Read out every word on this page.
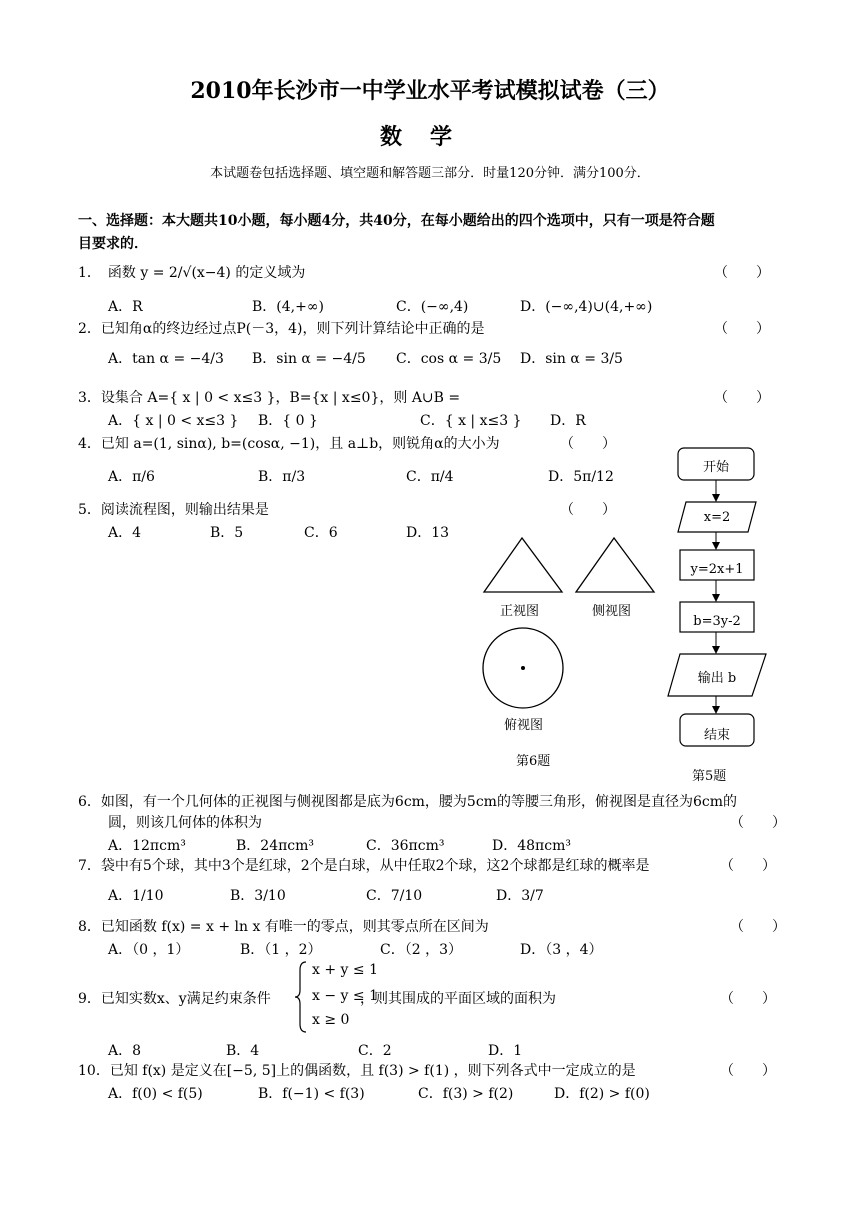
2010年长沙市一中学业水平考试模拟试卷（三）
数学
本试题卷包括选择题、填空题和解答题三部分．时量120分钟．满分100分．
一、选择题：本大题共10小题，每小题4分，共40分，在每小题给出的四个选项中，只有一项是符合题
目要求的．
1．　函数 y = 2/√(x−4) 的定义域为	（　　）
A．R	B．(4,+∞)	C．(−∞,4)	D．(−∞,4)∪(4,+∞)
2．已知角α的终边经过点P(－3，4)，则下列计算结论中正确的是	（　　）
A．tan α = −4/3 B．sin α = −4/5 C．cos α = 3/5 D．sin α = 3/5
3．设集合 A={ x | 0 < x≤3 }，B={x | x≤0}，则 A∪B =	（　　）
A．{ x | 0 < x≤3 } B．{ 0 }	C．{ x | x≤3 } D．R
4．已知 a=(1, sinα), b=(cosα, −1)，且 a⊥b，则锐角α的大小为	（　　）
A．π/6	B．π/3	C．π/4	D．5π/12
5．阅读流程图，则输出结果是	（　　）
A．4	B．5	C．6	D．13
正视图	侧视图
俯视图
第6题
开始
x=2
y=2x+1
b=3y-2
输出 b
结束
第5题
6．如图，有一个几何体的正视图与侧视图都是底为6cm，腰为5cm的等腰三角形，俯视图是直径为6cm的
圆，则该几何体的体积为	（　　）
A．12πcm³	B．24πcm³	C．36πcm³	D．48πcm³
7．袋中有5个球，其中3个是红球，2个是白球，从中任取2个球，这2个球都是红球的概率是	（　　）
A．1/10	B．3/10	C．7/10	D．3/7
8．已知函数 f(x) = x + ln x 有唯一的零点，则其零点所在区间为	（　　）
A．（0 ，1）	B．（1 ，2）	C．（2 ，3）	D．（3 ，4）
9．已知实数x、y满足约束条件
x + y ≤ 1
x − y ≤ 1
x ≥ 0
，则其围成的平面区域的面积为	（　　）
A．8	B．4	C．2	D．1
10．已知 f(x) 是定义在[−5, 5]上的偶函数，且 f(3) > f(1) ，则下列各式中一定成立的是	（　　）
A．f(0) < f(5)	B．f(−1) < f(3)	C．f(3) > f(2)	D．f(2) > f(0)
